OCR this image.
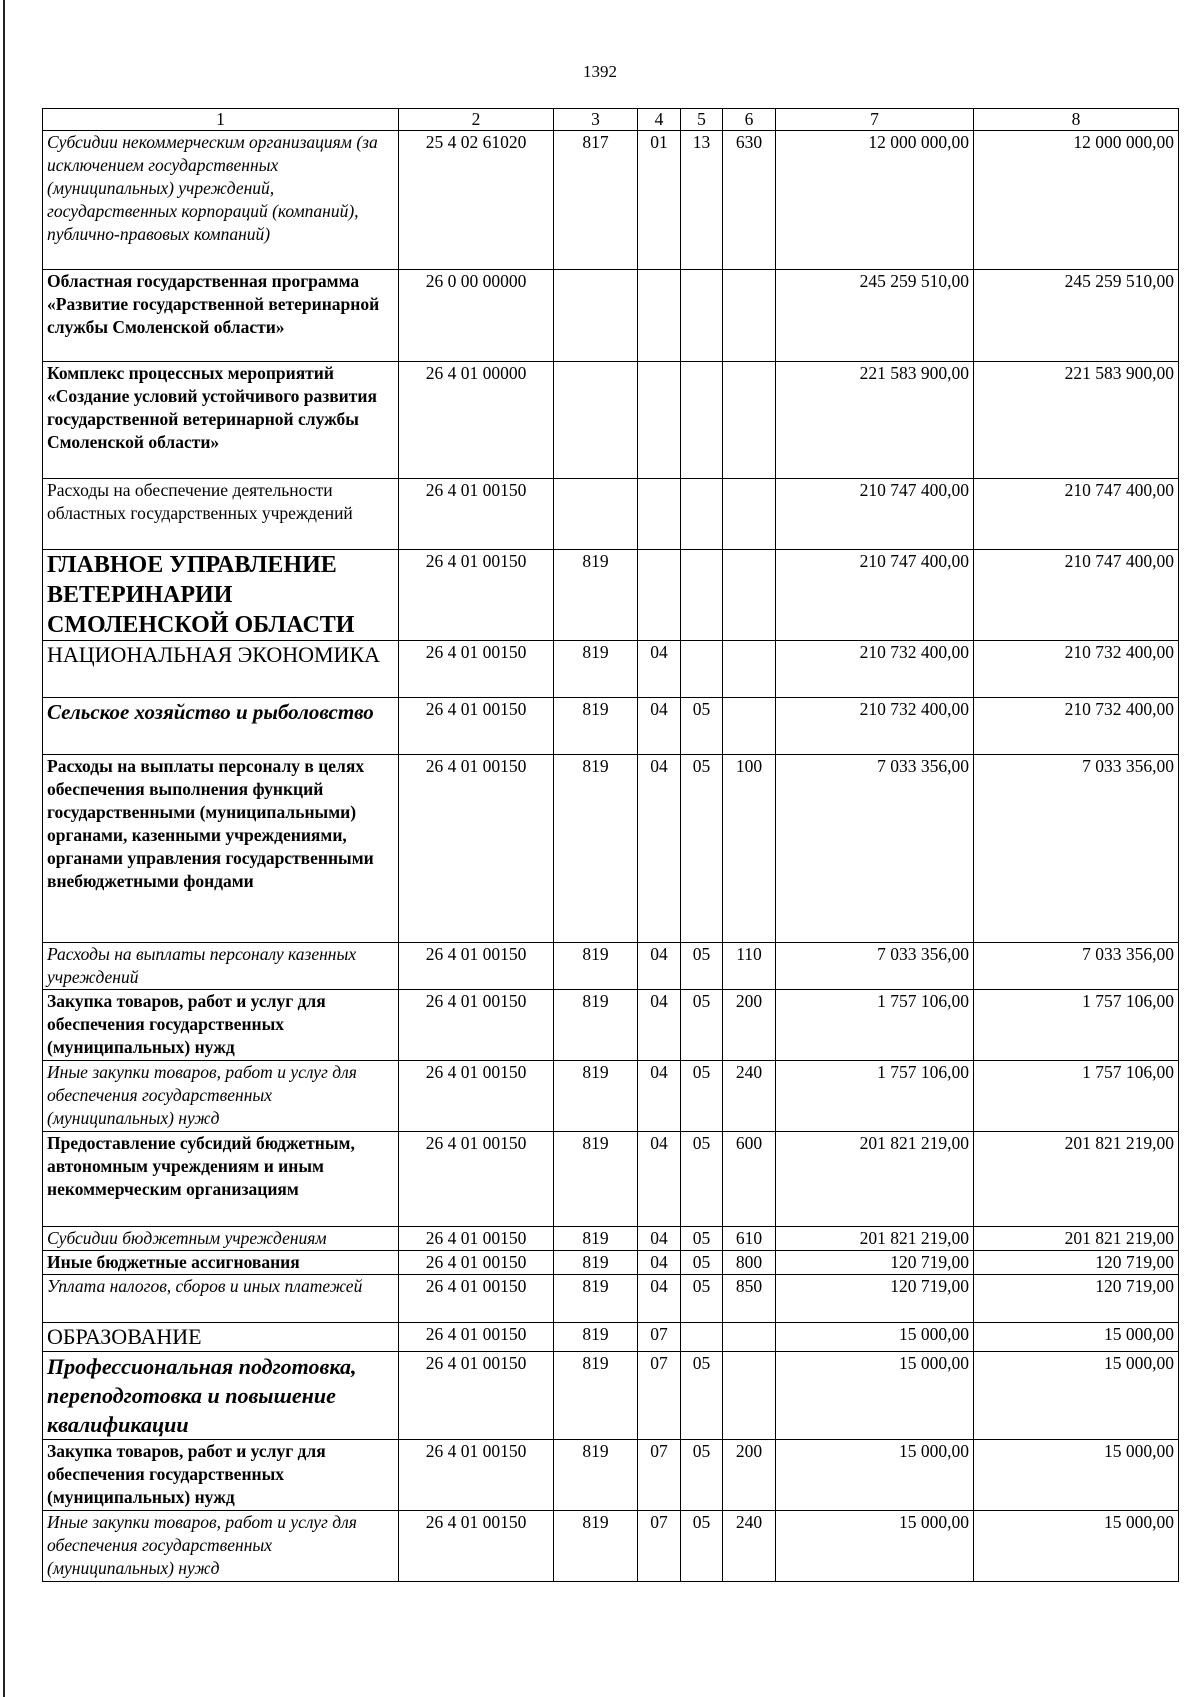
1392
1	2	3	4	5	6	7	8
Субсидии некоммерческим организациям (за исключением государственных (муниципальных) учреждений, государственных корпораций (компаний), публично-правовых компаний)	25 4 02 61020	817	01	13	630	12 000 000,00	12 000 000,00
Областная государственная программа «Развитие государственной ветеринарной службы Смоленской области»	26 0 00 00000					245 259 510,00	245 259 510,00
Комплекс процессных мероприятий «Создание условий устойчивого развития государственной ветеринарной службы Смоленской области»	26 4 01 00000					221 583 900,00	221 583 900,00
Расходы на обеспечение деятельности областных государственных учреждений	26 4 01 00150					210 747 400,00	210 747 400,00
ГЛАВНОЕ УПРАВЛЕНИЕ ВЕТЕРИНАРИИ СМОЛЕНСКОЙ ОБЛАСТИ	26 4 01 00150	819				210 747 400,00	210 747 400,00
НАЦИОНАЛЬНАЯ ЭКОНОМИКА	26 4 01 00150	819	04			210 732 400,00	210 732 400,00
Сельское хозяйство и рыболовство	26 4 01 00150	819	04	05		210 732 400,00	210 732 400,00
Расходы на выплаты персоналу в целях обеспечения выполнения функций государственными (муниципальными) органами, казенными учреждениями, органами управления государственными внебюджетными фондами	26 4 01 00150	819	04	05	100	7 033 356,00	7 033 356,00
Расходы на выплаты персоналу казенных учреждений	26 4 01 00150	819	04	05	110	7 033 356,00	7 033 356,00
Закупка товаров, работ и услуг для обеспечения государственных (муниципальных) нужд	26 4 01 00150	819	04	05	200	1 757 106,00	1 757 106,00
Иные закупки товаров, работ и услуг для обеспечения государственных (муниципальных) нужд	26 4 01 00150	819	04	05	240	1 757 106,00	1 757 106,00
Предоставление субсидий бюджетным, автономным учреждениям и иным некоммерческим организациям	26 4 01 00150	819	04	05	600	201 821 219,00	201 821 219,00
Субсидии бюджетным учреждениям	26 4 01 00150	819	04	05	610	201 821 219,00	201 821 219,00
Иные бюджетные ассигнования	26 4 01 00150	819	04	05	800	120 719,00	120 719,00
Уплата налогов, сборов и иных платежей	26 4 01 00150	819	04	05	850	120 719,00	120 719,00
ОБРАЗОВАНИЕ	26 4 01 00150	819	07			15 000,00	15 000,00
Профессиональная подготовка, переподготовка и повышение квалификации	26 4 01 00150	819	07	05		15 000,00	15 000,00
Закупка товаров, работ и услуг для обеспечения государственных (муниципальных) нужд	26 4 01 00150	819	07	05	200	15 000,00	15 000,00
Иные закупки товаров, работ и услуг для обеспечения государственных (муниципальных) нужд	26 4 01 00150	819	07	05	240	15 000,00	15 000,00
